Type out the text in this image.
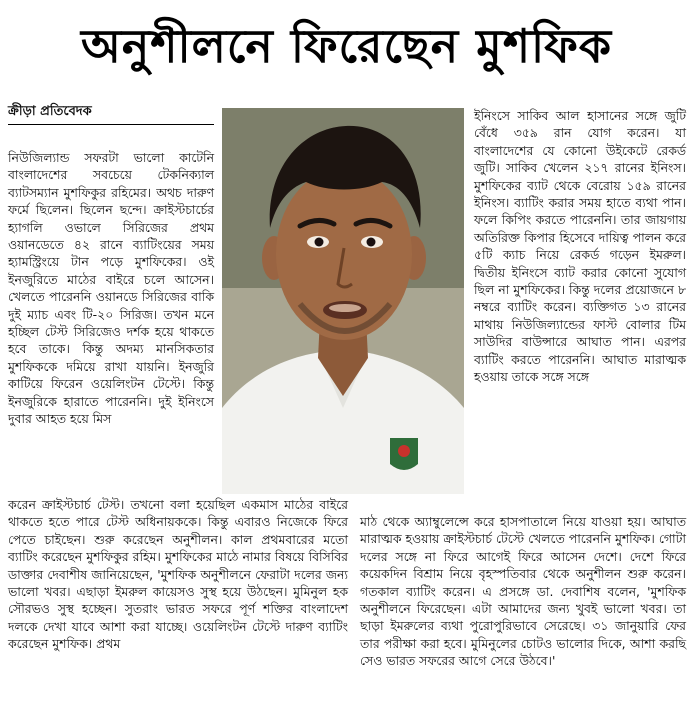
অনুশীলনে ফিরেছেন মুশফিক
ক্রীড়া প্রতিবেদক

নিউজিল্যান্ড সফরটা ভালো কাটেনি বাংলাদেশের সবচেয়ে টেকনিক্যাল ব্যাটসম্যান মুশফিকুর রহিমের। অথচ দারুণ ফর্মে ছিলেন। ছিলেন ছন্দে। ক্রাইস্টচার্চের হ্যাগলি ওভালে সিরিজের প্রথম ওয়ানডেতে ৪২ রানে ব্যাটিংয়ের সময় হ্যামস্ট্রিংয়ে টান পড়ে মুশফিকের। ওই ইনজুরিতে মাঠের বাইরে চলে আসেন। খেলতে পারেননি ওয়ানডে সিরিজের বাকি দুই ম্যাচ এবং টি-২০ সিরিজ। তখন মনে হচ্ছিল টেস্ট সিরিজেও দর্শক হয়ে থাকতে হবে তাকে। কিন্তু অদম্য মানসিকতার মুশফিককে দমিয়ে রাখা যায়নি। ইনজুরি কাটিয়ে ফিরেন ওয়েলিংটন টেস্টে। কিন্তু ইনজুরিকে হারাতে পারেননি। দুই ইনিংসে দুবার আহত হয়ে মিস

ইনিংসে সাকিব আল হাসানের সঙ্গে জুটি বেঁধে ৩৫৯ রান যোগ করেন। যা বাংলাদেশের যে কোনো উইকেটে রেকর্ড জুটি। সাকিব খেলেন ২১৭ রানের ইনিংস। মুশফিকের ব্যাট থেকে বেরোয় ১৫৯ রানের ইনিংস। ব্যাটিং করার সময় হাতে ব্যথা পান। ফলে কিপিং করতে পারেননি। তার জায়গায় অতিরিক্ত কিপার হিসেবে দায়িত্ব পালন করে ৫টি ক্যাচ নিয়ে রেকর্ড গড়েন ইমরুল। দ্বিতীয় ইনিংসে ব্যাট করার কোনো সুযোগ ছিল না মুশফিকের। কিন্তু দলের প্রয়োজনে ৮ নম্বরে ব্যাটিং করেন। ব্যক্তিগত ১৩ রানের মাথায় নিউজিল্যান্ডের ফাস্ট বোলার টিম সাউদির বাউন্সারে আঘাত পান। এরপর ব্যাটিং করতে পারেননি। আঘাত মারাত্মক হওয়ায় তাকে সঙ্গে সঙ্গে

করেন ক্রাইস্টচার্চ টেস্ট। তখনো বলা হয়েছিল একমাস মাঠের বাইরে থাকতে হতে পারে টেস্ট অধিনায়ককে। কিন্তু এবারও নিজেকে ফিরে পেতে চাইছেন। শুরু করেছেন অনুশীলন। কাল প্রথমবারের মতো ব্যাটিং করেছেন মুশফিকুর রহিম। মুশফিকের মাঠে নামার বিষয়ে বিসিবির ডাক্তার দেবাশীষ জানিয়েছেন, 'মুশফিক অনুশীলনে ফেরাটা দলের জন্য ভালো খবর। এছাড়া ইমরুল কায়েসও সুস্থ হয়ে উঠছেন। মুমিনুল হক সৌরভও সুস্থ হচ্ছেন। সুতরাং ভারত সফরে পূর্ণ শক্তির বাংলাদেশ দলকে দেখা যাবে আশা করা যাচ্ছে। ওয়েলিংটন টেস্টে দারুণ ব্যাটিং করেছেন মুশফিক। প্রথম

মাঠ থেকে অ্যাম্বুলেন্সে করে হাসপাতালে নিয়ে যাওয়া হয়। আঘাত মারাত্মক হওয়ায় ক্রাইস্টচার্চ টেস্টে খেলতে পারেননি মুশফিক। গোটা দলের সঙ্গে না ফিরে আগেই ফিরে আসেন দেশে। দেশে ফিরে কয়েকদিন বিশ্রাম নিয়ে বৃহস্পতিবার থেকে অনুশীলন শুরু করেন। গতকাল ব্যাটিং করেন। এ প্রসঙ্গে ডা. দেবাশিষ বলেন, 'মুশফিক অনুশীলনে ফিরেছেন। এটা আমাদের জন্য খুবই ভালো খবর। তা ছাড়া ইমরুলের ব্যথা পুরোপুরিভাবে সেরেছে। ৩১ জানুয়ারি ফের তার পরীক্ষা করা হবে। মুমিনুলের চোটও ভালোর দিকে, আশা করছি সেও ভারত সফরের আগে সেরে উঠবে।'
